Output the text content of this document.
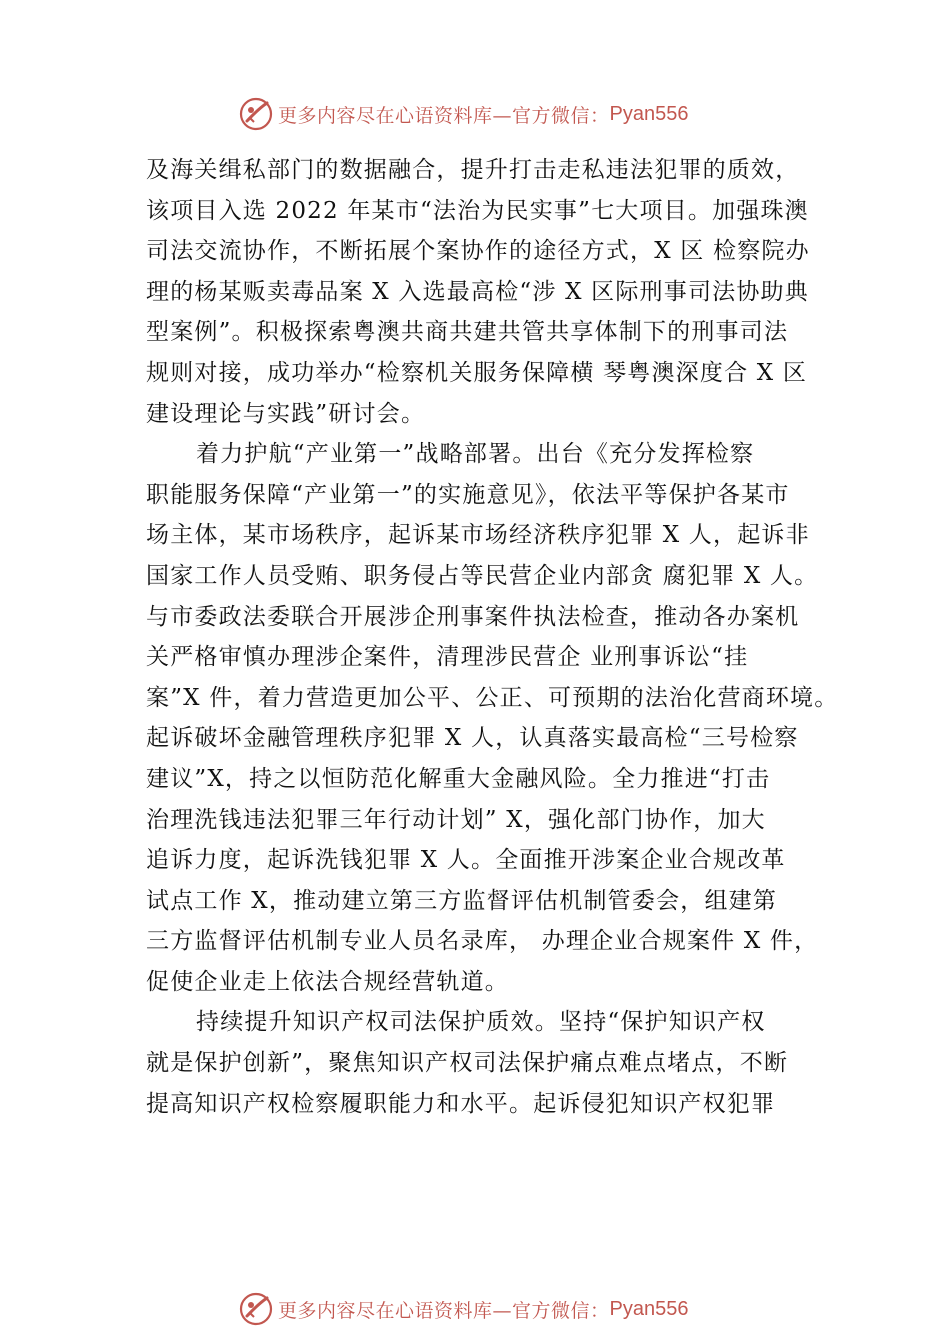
更多内容尽在心语资料库—官方微信： Pyan556
及海关缉私部门的数据融合，提升打击走私违法犯罪的质效，
该项目入选 2022 年某市“法治为民实事”七大项目。加强珠澳
司法交流协作，不断拓展个案协作的途径方式，X 区 检察院办
理的杨某贩卖毒品案 X 入选最高检“涉 X 区际刑事司法协助典
型案例”。积极探索粤澳共商共建共管共享体制下的刑事司法
规则对接，成功举办“检察机关服务保障横 琴粤澳深度合 X 区
建设理论与实践”研讨会。
着力护航“产业第一”战略部署。出台《充分发挥检察
职能服务保障“产业第一”的实施意见》，依法平等保护各某市
场主体，某市场秩序，起诉某市场经济秩序犯罪 X 人，起诉非
国家工作人员受贿、职务侵占等民营企业内部贪 腐犯罪 X 人。
与市委政法委联合开展涉企刑事案件执法检查，推动各办案机
关严格审慎办理涉企案件，清理涉民营企 业刑事诉讼“挂
案”X 件，着力营造更加公平、公正、可预期的法治化营商环境。
起诉破坏金融管理秩序犯罪 X 人，认真落实最高检“三号检察
建议”X，持之以恒防范化解重大金融风险。全力推进“打击
治理洗钱违法犯罪三年行动计划” X，强化部门协作，加大
追诉力度，起诉洗钱犯罪 X 人。全面推开涉案企业合规改革
试点工作 X，推动建立第三方监督评估机制管委会，组建第
三方监督评估机制专业人员名录库， 办理企业合规案件 X 件，
促使企业走上依法合规经营轨道。
持续提升知识产权司法保护质效。坚持“保护知识产权
就是保护创新”，聚焦知识产权司法保护痛点难点堵点，不断
提高知识产权检察履职能力和水平。起诉侵犯知识产权犯罪
更多内容尽在心语资料库—官方微信： Pyan556
